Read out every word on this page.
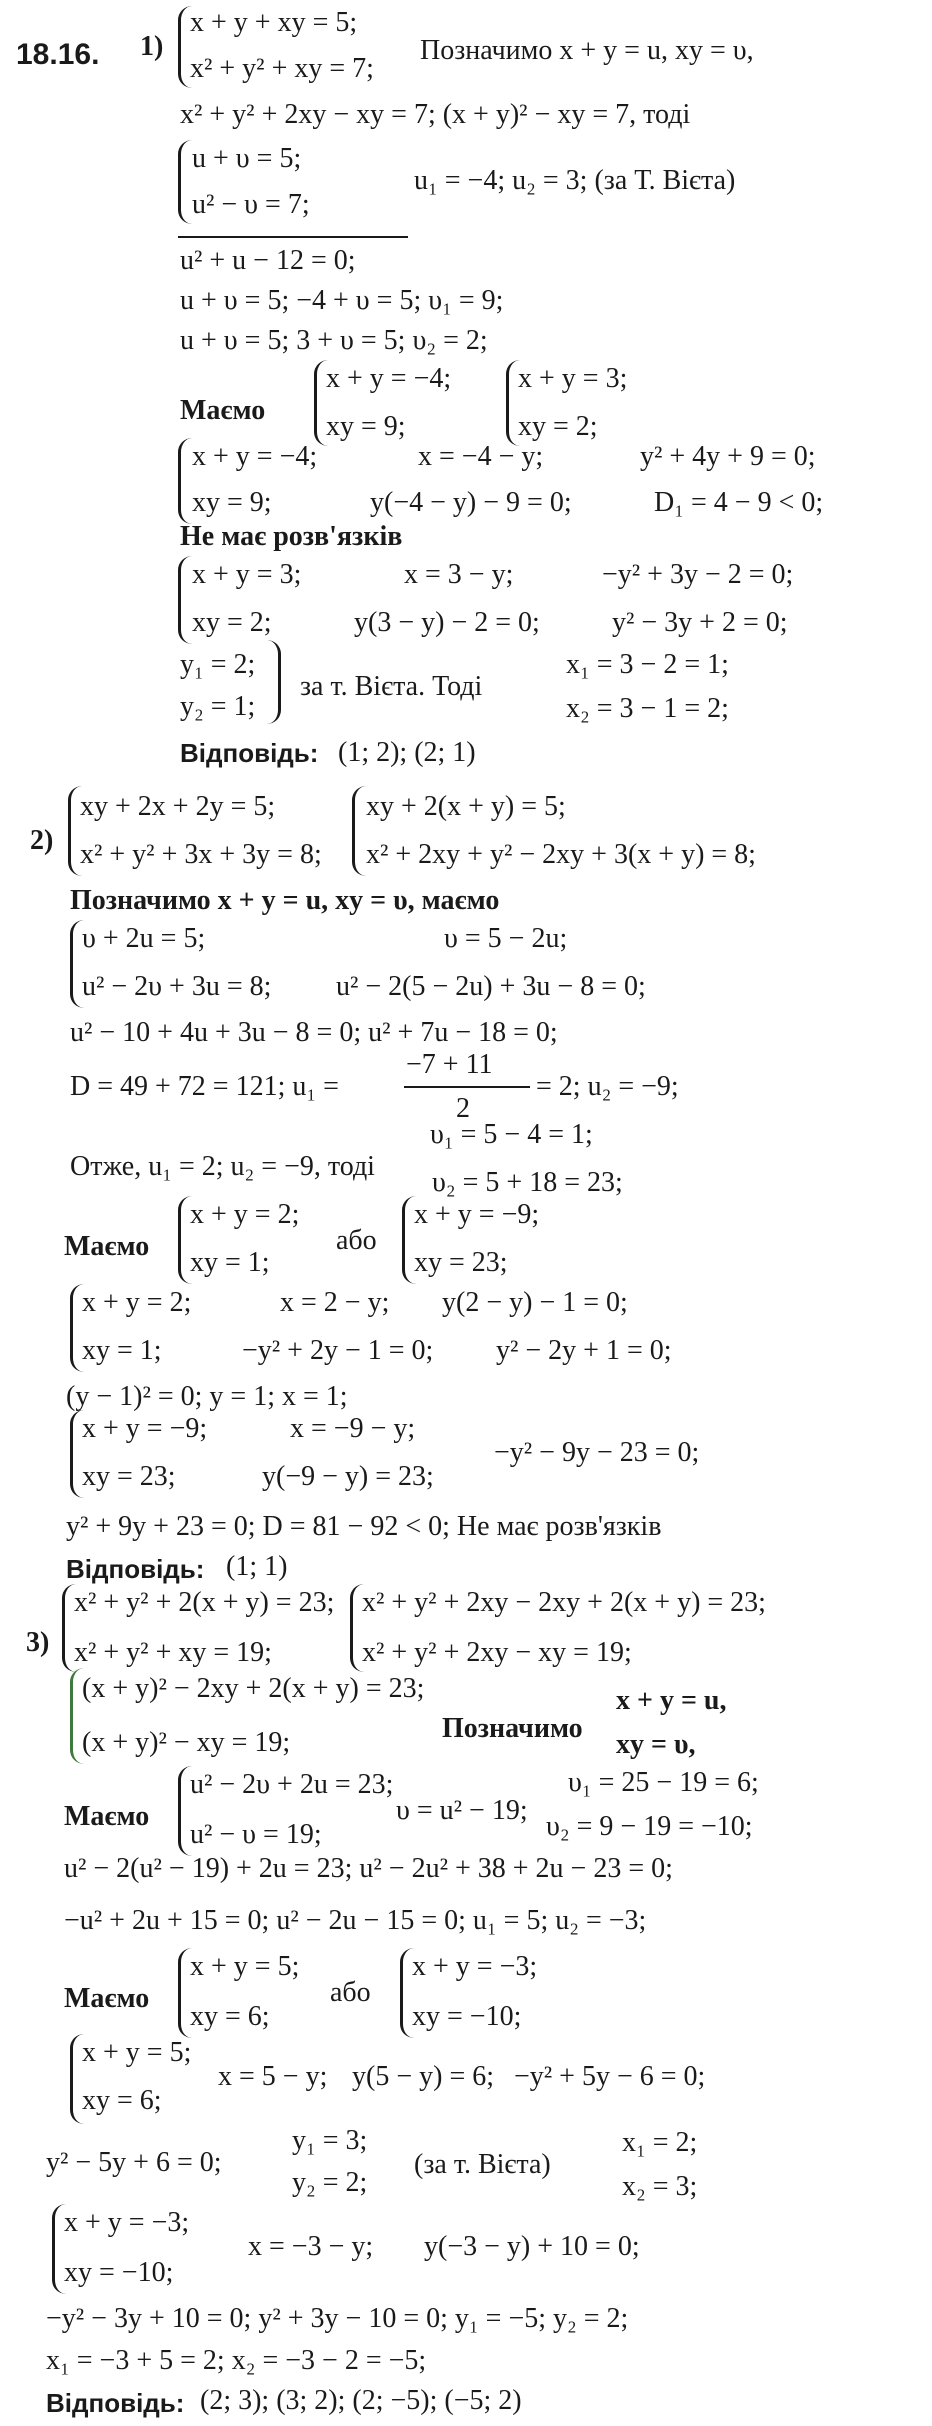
18.16. 1)
x + y + xy = 5;
x² + y² + xy = 7;
Позначимо x + y = u, xy = υ,
x² + y² + 2xy − xy = 7; (x + y)² − xy = 7, тоді
u + υ = 5;
u² − υ = 7;
u₁ = −4; u₂ = 3; (за Т. Вієта)
u² + u − 12 = 0;
u + υ = 5; −4 + υ = 5; υ₁ = 9;
u + υ = 5; 3 + υ = 5; υ₂ = 2;
Маємо
x + y = −4;
xy = 9;
x + y = 3;
xy = 2;
x + y = −4;	x = −4 − y;	y² + 4y + 9 = 0;
xy = 9;	y(−4 − y) − 9 = 0;	D₁ = 4 − 9 < 0;
Не має розв'язків
x + y = 3;	x = 3 − y;	−y² + 3y − 2 = 0;
xy = 2;	y(3 − y) − 2 = 0;	y² − 3y + 2 = 0;
y₁ = 2;
y₂ = 1;
за т. Вієта. Тоді
x₁ = 3 − 2 = 1;
x₂ = 3 − 1 = 2;
Відповідь: (1; 2); (2; 1)
2)
xy + 2x + 2y = 5;
x² + y² + 3x + 3y = 8;
xy + 2(x + y) = 5;
x² + 2xy + y² − 2xy + 3(x + y) = 8;
Позначимо x + y = u, xy = υ, маємо
υ + 2u = 5;	υ = 5 − 2u;
u² − 2υ + 3u = 8; u² − 2(5 − 2u) + 3u − 8 = 0;
u² − 10 + 4u + 3u − 8 = 0; u² + 7u − 18 = 0;
D = 49 + 72 = 121; u₁ =
−7 + 11
2
= 2; u₂ = −9;
υ₁ = 5 − 4 = 1;
Отже, u₁ = 2; u₂ = −9, тоді
υ₂ = 5 + 18 = 23;
Маємо
x + y = 2;
xy = 1;
або
x + y = −9;
xy = 23;
x + y = 2;	x = 2 − y; y(2 − y) − 1 = 0;
xy = 1;	−y² + 2y − 1 = 0; y² − 2y + 1 = 0;
(y − 1)² = 0; y = 1; x = 1;
x + y = −9;	x = −9 − y;
xy = 23;	y(−9 − y) = 23;
−y² − 9y − 23 = 0;
y² + 9y + 23 = 0; D = 81 − 92 < 0; Не має розв'язків
Відповідь: (1; 1)
3)
x² + y² + 2(x + y) = 23;
x² + y² + xy = 19;
x² + y² + 2xy − 2xy + 2(x + y) = 23;
x² + y² + 2xy − xy = 19;
(x + y)² − 2xy + 2(x + y) = 23;
(x + y)² − xy = 19;	Позначимо
x + y = u,
xy = υ,
Маємо
u² − 2υ + 2u = 23;
u² − υ = 19;
υ = u² − 19;
υ₁ = 25 − 19 = 6;
υ₂ = 9 − 19 = −10;
u² − 2(u² − 19) + 2u = 23; u² − 2u² + 38 + 2u − 23 = 0;
−u² + 2u + 15 = 0; u² − 2u − 15 = 0; u₁ = 5; u₂ = −3;
Маємо
x + y = 5;
xy = 6;
або
x + y = −3;
xy = −10;
x + y = 5;
x = 5 − y; y(5 − y) = 6; −y² + 5y − 6 = 0;
xy = 6;
y² − 5y + 6 = 0;
y₁ = 3;
y₂ = 2;
(за т. Вієта)
x₁ = 2;
x₂ = 3;
x + y = −3;
x = −3 − y; y(−3 − y) + 10 = 0;
xy = −10;
−y² − 3y + 10 = 0; y² + 3y − 10 = 0; y₁ = −5; y₂ = 2;
x₁ = −3 + 5 = 2; x₂ = −3 − 2 = −5;
Відповідь: (2; 3); (3; 2); (2; −5); (−5; 2)
